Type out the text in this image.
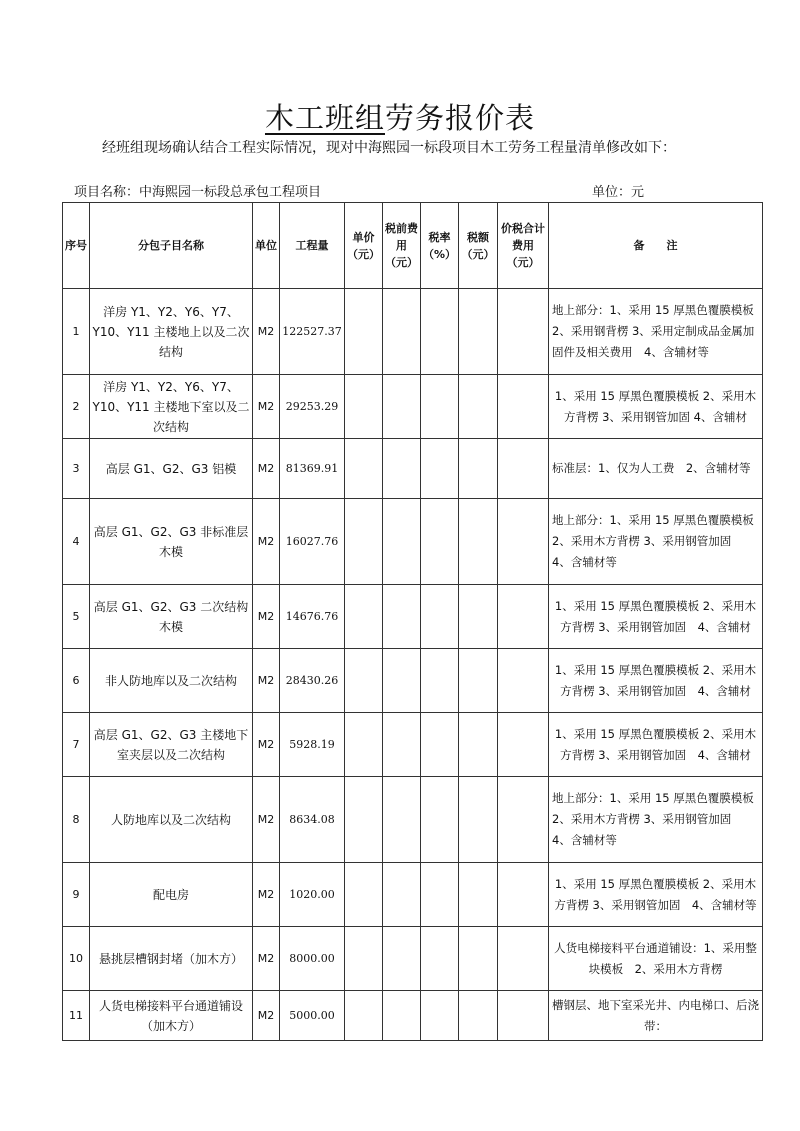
木工班组劳务报价表
经班组现场确认结合工程实际情况，现对中海熙园一标段项目木工劳务工程量清单修改如下：
项目名称：中海熙园一标段总承包工程项目	单位：元
序号	分包子目名称	单位	工程量	单价（元）	税前费用（元）	税率（%）	税额（元）	价税合计费用（元）	备　　注
1	洋房 Y1、Y2、Y6、Y7、Y10、Y11 主楼地上以及二次结构	M2	122527.37						地上部分：1、采用 15 厚黑色覆膜模板 2、采用钢背楞 3、采用定制成品金属加固件及相关费用　4、含辅材等
2	洋房 Y1、Y2、Y6、Y7、Y10、Y11 主楼地下室以及二次结构	M2	29253.29						1、采用 15 厚黑色覆膜模板 2、采用木方背楞 3、采用钢管加固 4、含辅材
3	高层 G1、G2、G3 铝模	M2	81369.91						标准层：1、仅为人工费　2、含辅材等
4	高层 G1、G2、G3 非标准层木模	M2	16027.76						地上部分：1、采用 15 厚黑色覆膜模板　2、采用木方背楞 3、采用钢管加固　4、含辅材等
5	高层 G1、G2、G3 二次结构木模	M2	14676.76						1、采用 15 厚黑色覆膜模板 2、采用木方背楞 3、采用钢管加固　4、含辅材
6	非人防地库以及二次结构	M2	28430.26						1、采用 15 厚黑色覆膜模板 2、采用木方背楞 3、采用钢管加固　4、含辅材
7	高层 G1、G2、G3 主楼地下室夹层以及二次结构	M2	5928.19						1、采用 15 厚黑色覆膜模板 2、采用木方背楞 3、采用钢管加固　4、含辅材
8	人防地库以及二次结构	M2	8634.08						地上部分：1、采用 15 厚黑色覆膜模板　2、采用木方背楞 3、采用钢管加固　4、含辅材等
9	配电房	M2	1020.00						1、采用 15 厚黑色覆膜模板 2、采用木方背楞 3、采用钢管加固　4、含辅材等
10	悬挑层槽钢封堵（加木方）	M2	8000.00						人货电梯接料平台通道铺设：1、采用整块模板　2、采用木方背楞
11	人货电梯接料平台通道铺设（加木方）	M2	5000.00						槽钢层、地下室采光井、内电梯口、后浇带：
